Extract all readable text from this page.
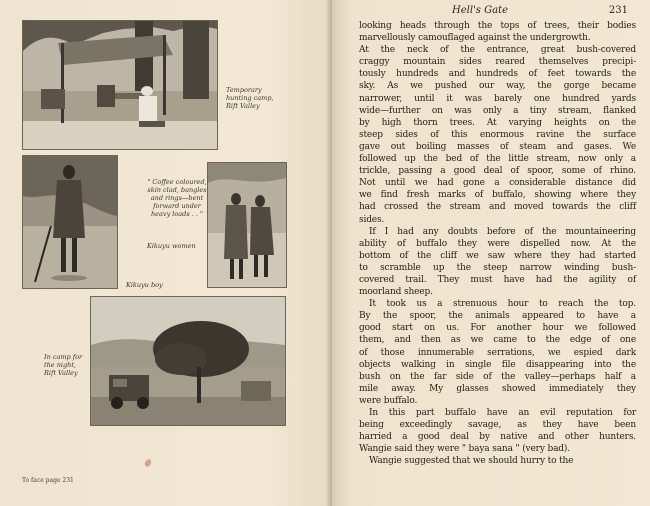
Temporary
hunting camp,
Rift Valley
Kikuyu boy
" Coffee coloured,
skin clad, bangles
and rings—bent
forward under
heavy loads . . "
Kikuyu women
In camp for
the night,
Rift Valley
To face page 231
Hell's Gate	231
looking heads through the tops of trees, their bodies
marvellously camouflaged against the undergrowth.
At the neck of the entrance, great bush-covered
craggy mountain sides reared themselves precipi-
tously hundreds and hundreds of feet towards the
sky. As we pushed our way, the gorge became
narrower, until it was barely one hundred yards
wide—further on was only a tiny stream, flanked
by high thorn trees. At varying heights on the
steep sides of this enormous ravine the surface
gave out boiling masses of steam and gases. We
followed up the bed of the little stream, now only a
trickle, passing a good deal of spoor, some of rhino.
Not until we had gone a considerable distance did
we find fresh marks of buffalo, showing where they
had crossed the stream and moved towards the cliff
sides.
If I had any doubts before of the mountaineering
ability of buffalo they were dispelled now. At the
bottom of the cliff we saw where they had started
to scramble up the steep narrow winding bush-
covered trail. They must have had the agility of
moorland sheep.
It took us a strenuous hour to reach the top.
By the spoor, the animals appeared to have a
good start on us. For another hour we followed
them, and then as we came to the edge of one
of those innumerable serrations, we espied dark
objects walking in single file disappearing into the
bush on the far side of the valley—perhaps half a
mile away. My glasses showed immediately they
were buffalo.
In this part buffalo have an evil reputation for
being exceedingly savage, as they have been
harried a good deal by native and other hunters.
Wangie said they were " baya sana " (very bad).
Wangie suggested that we should hurry to the
